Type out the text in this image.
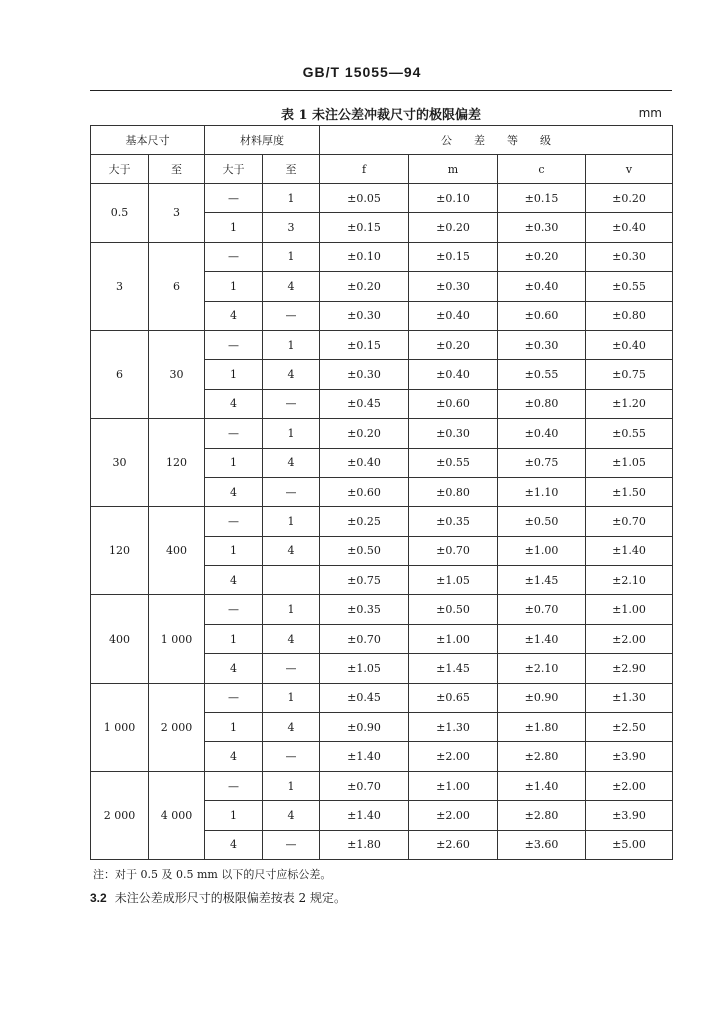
GB/T 15055—94
表 1 未注公差冲裁尺寸的极限偏差	mm
基本尺寸		材料厚度		公　　差　　等　　级			
大于	至	大于	至	f	m	c	v
0.5	3	—	1	±0.05	±0.10	±0.15	±0.20
		1	3	±0.15	±0.20	±0.30	±0.40
3	6	—	1	±0.10	±0.15	±0.20	±0.30
		1	4	±0.20	±0.30	±0.40	±0.55
		4	—	±0.30	±0.40	±0.60	±0.80
6	30	—	1	±0.15	±0.20	±0.30	±0.40
		1	4	±0.30	±0.40	±0.55	±0.75
		4	—	±0.45	±0.60	±0.80	±1.20
30	120	—	1	±0.20	±0.30	±0.40	±0.55
		1	4	±0.40	±0.55	±0.75	±1.05
		4	—	±0.60	±0.80	±1.10	±1.50
120	400	—	1	±0.25	±0.35	±0.50	±0.70
		1	4	±0.50	±0.70	±1.00	±1.40
		4		±0.75	±1.05	±1.45	±2.10
400	1 000	—	1	±0.35	±0.50	±0.70	±1.00
		1	4	±0.70	±1.00	±1.40	±2.00
		4	—	±1.05	±1.45	±2.10	±2.90
1 000	2 000	—	1	±0.45	±0.65	±0.90	±1.30
		1	4	±0.90	±1.30	±1.80	±2.50
		4	—	±1.40	±2.00	±2.80	±3.90
2 000	4 000	—	1	±0.70	±1.00	±1.40	±2.00
		1	4	±1.40	±2.00	±2.80	±3.90
		4	—	±1.80	±2.60	±3.60	±5.00
注：对于 0.5 及 0.5 mm 以下的尺寸应标公差。
3.2 未注公差成形尺寸的极限偏差按表 2 规定。
